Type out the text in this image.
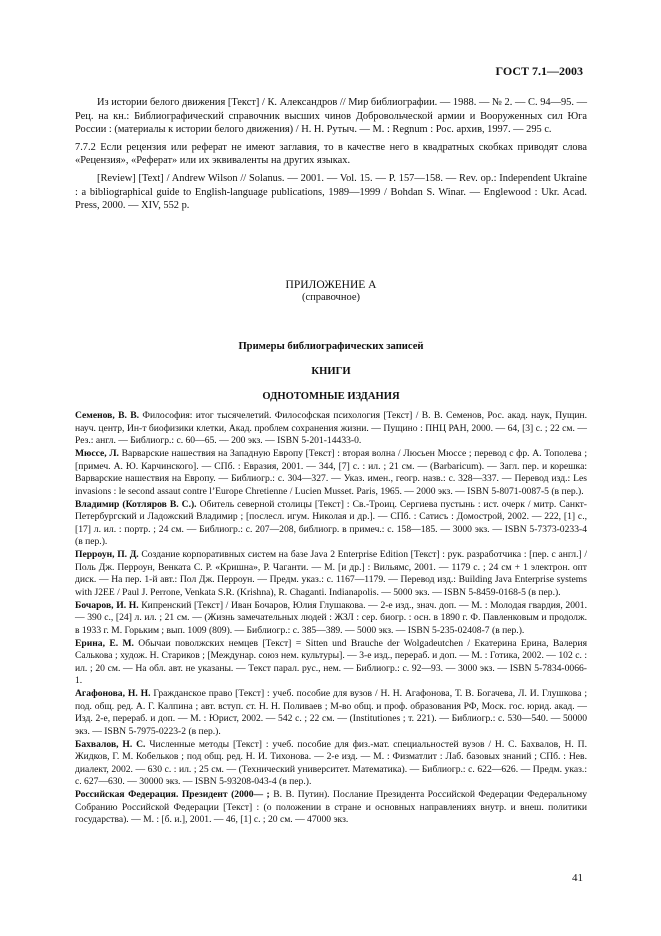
ГОСТ 7.1—2003

Из истории белого движения [Текст] / К. Александров // Мир библиографии. — 1988. — № 2. — С. 94—95. — Рец. на кн.: Библиографический справочник высших чинов Добровольческой армии и Вооруженных сил Юга России : (материалы к истории белого движения) / Н. Н. Рутыч. — М. : Regnum : Рос. архив, 1997. — 295 с.

7.7.2 Если рецензия или реферат не имеют заглавия, то в качестве него в квадратных скобках приводят слова «Рецензия», «Реферат» или их эквиваленты на других языках.

[Review] [Text] / Andrew Wilson // Solanus. — 2001. — Vol. 15. — P. 157—158. — Rev. op.: Independent Ukraine : a bibliographical guide to English-language publications, 1989—1999 / Bohdan S. Winar. — Englewood : Ukr. Acad. Press, 2000. — XIV, 552 p.

ПРИЛОЖЕНИЕ А
(справочное)
Примеры библиографических записей
КНИГИ
ОДНОТОМНЫЕ ИЗДАНИЯ

Семенов, В. В. Философия: итог тысячелетий. Философская психология [Текст] / В. В. Семенов, Рос. акад. наук, Пущин. науч. центр, Ин-т биофизики клетки, Акад. проблем сохранения жизни. — Пущино : ПНЦ РАН, 2000. — 64, [3] с. ; 22 см. — Рез.: англ. — Библиогр.: с. 60—65. — 200 экз. — ISBN 5-201-14433-0.

Мюссе, Л. Варварские нашествия на Западную Европу [Текст] : вторая волна / Люсьен Мюссе ; перевод с фр. А. Тополева ; [примеч. А. Ю. Карчинского]. — СПб. : Евразия, 2001. — 344, [7] с. : ил. ; 21 см. — (Barbaricum). — Загл. пер. и корешка: Варварские нашествия на Европу. — Библиогр.: с. 304—327. — Указ. имен., геогр. назв.: с. 328—337. — Перевод изд.: Les invasions : le second assaut contre l’Europe Chretienne / Lucien Musset. Paris, 1965. — 2000 экз. — ISBN 5-8071-0087-5 (в пер.).

Владимир (Котляров В. С.). Обитель северной столицы [Текст] : Св.-Троиц. Сергиева пустынь : ист. очерк / митр. Санкт-Петербургский и Ладожский Владимир ; [послесл. игум. Николая и др.]. — СПб. : Сатисъ : Домострой, 2002. — 222, [1] с., [17] л. ил. : портр. ; 24 см. — Библиогр.: с. 207—208, библиогр. в примеч.: с. 158—185. — 3000 экз. — ISBN 5-7373-0233-4 (в пер.).

Перроун, П. Д. Создание корпоративных систем на базе Java 2 Enterprise Edition [Текст] : рук. разработчика : [пер. с англ.] / Поль Дж. Перроун, Венката С. Р. «Кришна», Р. Чаганти. — М. [и др.] : Вильямс, 2001. — 1179 с. ; 24 см + 1 электрон. опт диск. — На пер. 1-й авт.: Пол Дж. Перроун. — Предм. указ.: с. 1167—1179. — Перевод изд.: Building Java Enterprise systems with J2EE / Paul J. Perrone, Venkata S.R. (Krishna), R. Chaganti. Indianapolis. — 5000 экз. — ISBN 5-8459-0168-5 (в пер.).

Бочаров, И. Н. Кипренский [Текст] / Иван Бочаров, Юлия Глушакова. — 2-е изд., знач. доп. — М. : Молодая гвардия, 2001. — 390 с., [24] л. ил. ; 21 см. — (Жизнь замечательных людей : ЖЗЛ : сер. биогр. : осн. в 1890 г. Ф. Павленковым и продолж. в 1933 г. М. Горьким ; вып. 1009 (809). — Библиогр.: с. 385—389. — 5000 экз. — ISBN 5-235-02408-7 (в пер.).

Ерина, Е. М. Обычаи поволжских немцев [Текст] = Sitten und Brauche der Wolgadeutchen / Екатерина Ерина, Валерия Салькова ; худож. Н. Стариков ; [Междунар. союз нем. культуры]. — 3-е изд., перераб. и доп. — М. : Готика, 2002. — 102 с. : ил. ; 20 см. — На обл. авт. не указаны. — Текст парал. рус., нем. — Библиогр.: с. 92—93. — 3000 экз. — ISBN 5-7834-0066-1.

Агафонова, Н. Н. Гражданское право [Текст] : учеб. пособие для вузов / Н. Н. Агафонова, Т. В. Богачева, Л. И. Глушкова ; под. общ. ред. А. Г. Калпина ; авт. вступ. ст. Н. Н. Поливаев ; М-во общ. и проф. образования РФ, Моск. гос. юрид. акад. — Изд. 2-е, перераб. и доп. — М. : Юрист, 2002. — 542 с. ; 22 см. — (Institutiones ; т. 221). — Библиогр.: с. 530—540. — 50000 экз. — ISBN 5-7975-0223-2 (в пер.).

Бахвалов, Н. С. Численные методы [Текст] : учеб. пособие для физ.-мат. специальностей вузов / Н. С. Бахвалов, Н. П. Жидков, Г. М. Кобельков ; под общ. ред. Н. И. Тихонова. — 2-е изд. — М. : Физматлит : Лаб. базовых знаний ; СПб. : Нев. диалект, 2002. — 630 с. : ил. ; 25 см. — (Технический университет. Математика). — Библиогр.: с. 622—626. — Предм. указ.: с. 627—630. — 30000 экз. — ISBN 5-93208-043-4 (в пер.).

Российская Федерация. Президент (2000— ; В. В. Путин). Послание Президента Российской Федерации Федеральному Собранию Российской Федерации [Текст] : (о положении в стране и основных направлениях внутр. и внеш. политики государства). — М. : [б. и.], 2001. — 46, [1] с. ; 20 см. — 47000 экз.

41
